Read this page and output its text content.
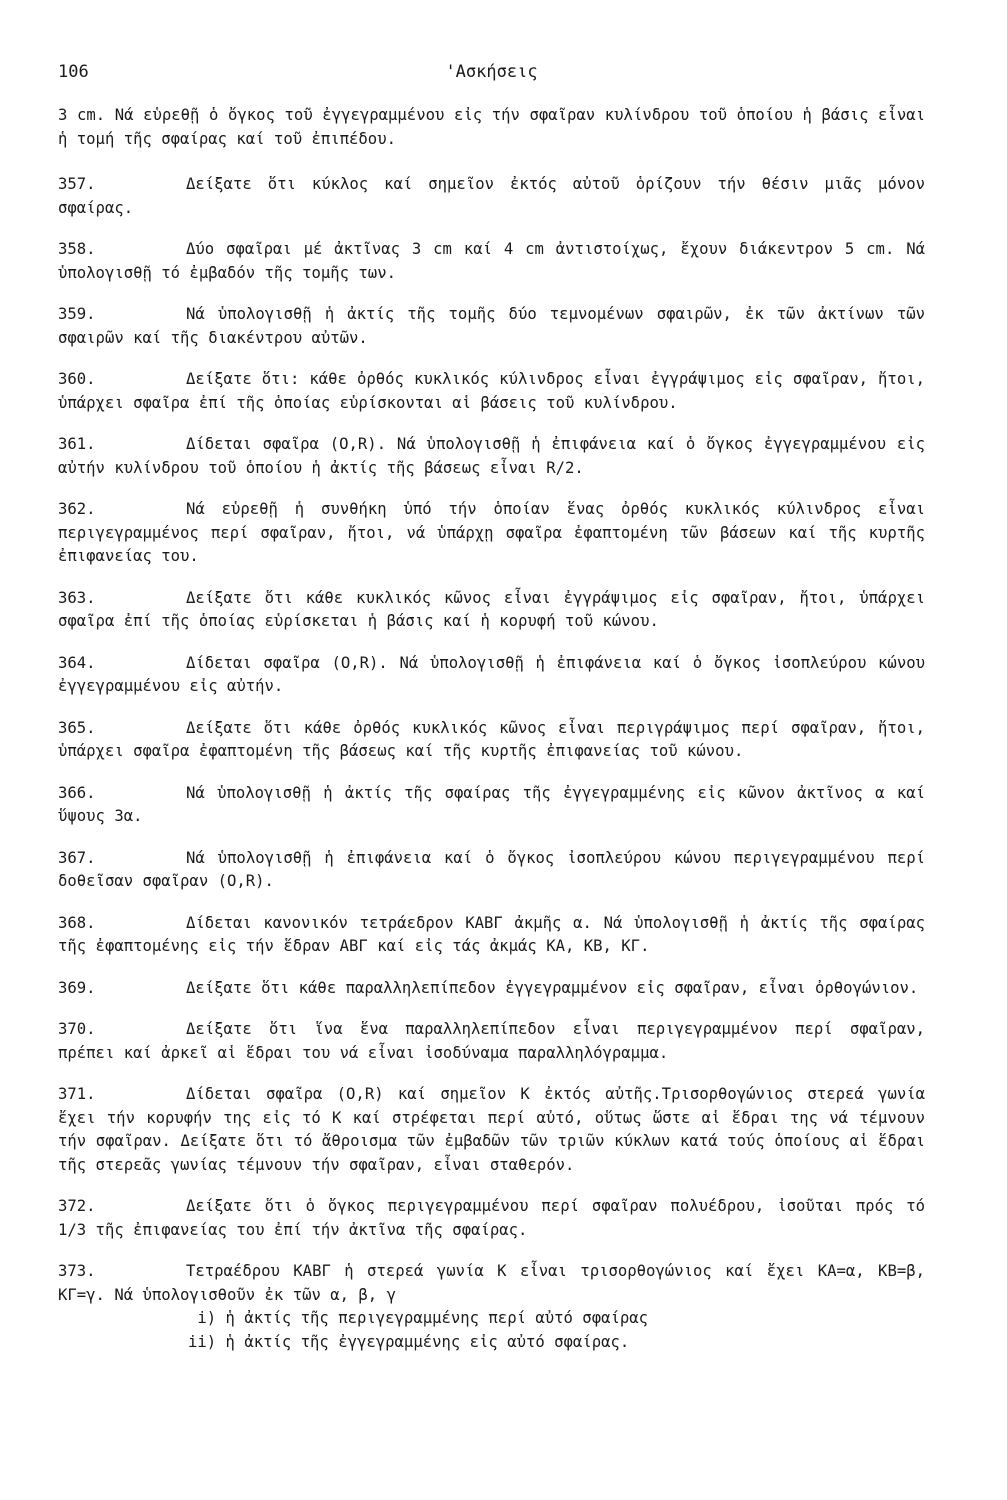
106	'Ασκήσεις

3 cm. Νά εὑρεθῇ ὁ ὄγκος τοῦ ἐγγεγραμμένου εἰς τήν σφαῖραν κυλίνδρου τοῦ ὁποίου ἡ βάσις εἶναι ἡ τομή τῆς σφαίρας καί τοῦ ἐπιπέδου.

357.	Δείξατε ὅτι κύκλος καί σημεῖον ἐκτός αὐτοῦ ὁρίζουν τήν θέσιν μιᾶς μόνον σφαίρας.

358.	Δύο σφαῖραι μέ ἀκτῖνας 3 cm καί 4 cm ἀντιστοίχως, ἔχουν διάκεντρον 5 cm. Νά ὑπολογισθῇ τό ἐμβαδόν τῆς τομῆς των.

359.	Νά ὑπολογισθῇ ἡ ἀκτίς τῆς τομῆς δύο τεμνομένων σφαιρῶν, ἐκ τῶν ἀκτίνων τῶν σφαιρῶν καί τῆς διακέντρου αὐτῶν.

360.	Δείξατε ὅτι: κάθε ὀρθός κυκλικός κύλινδρος εἶναι ἐγγράψιμος εἰς σφαῖραν, ἤτοι, ὑπάρχει σφαῖρα ἐπί τῆς ὁποίας εὑρίσκονται αἱ βάσεις τοῦ κυλίνδρου.

361.	Δίδεται σφαῖρα (O,R). Νά ὑπολογισθῇ ἡ ἐπιφάνεια καί ὁ ὄγκος ἐγγεγραμμένου εἰς αὐτήν κυλίνδρου τοῦ ὁποίου ἡ ἀκτίς τῆς βάσεως εἶναι R/2.

362.	Νά εὑρεθῇ ἡ συνθήκη ὑπό τήν ὁποίαν ἕνας ὀρθός κυκλικός κύλινδρος εἶναι περιγεγραμμένος περί σφαῖραν, ἤτοι, νά ὑπάρχῃ σφαῖρα ἐφαπτομένη τῶν βάσεων καί τῆς κυρτῆς ἐπιφανείας του.

363.	Δείξατε ὅτι κάθε κυκλικός κῶνος εἶναι ἐγγράψιμος εἰς σφαῖραν, ἤτοι, ὑπάρχει σφαῖρα ἐπί τῆς ὁποίας εὑρίσκεται ἡ βάσις καί ἡ κορυφή τοῦ κώνου.

364.	Δίδεται σφαῖρα (O,R). Νά ὑπολογισθῇ ἡ ἐπιφάνεια καί ὁ ὄγκος ἰσοπλεύρου κώνου ἐγγεγραμμένου εἰς αὐτήν.

365.	Δείξατε ὅτι κάθε ὀρθός κυκλικός κῶνος εἶναι περιγράψιμος περί σφαῖραν, ἤτοι, ὑπάρχει σφαῖρα ἐφαπτομένη τῆς βάσεως καί τῆς κυρτῆς ἐπιφανείας τοῦ κώνου.

366.	Νά ὑπολογισθῇ ἡ ἀκτίς τῆς σφαίρας τῆς ἐγγεγραμμένης εἰς κῶνον ἀκτῖνος α καί ὕψους 3α.

367.	Νά ὑπολογισθῇ ἡ ἐπιφάνεια καί ὁ ὄγκος ἰσοπλεύρου κώνου περιγεγραμμένου περί δοθεῖσαν σφαῖραν (O,R).

368.	Δίδεται κανονικόν τετράεδρον ΚΑΒΓ ἀκμῆς α. Νά ὑπολογισθῇ ἡ ἀκτίς τῆς σφαίρας τῆς ἐφαπτομένης εἰς τήν ἕδραν ΑΒΓ καί εἰς τάς ἀκμάς ΚΑ, ΚΒ, ΚΓ.

369.	Δείξατε ὅτι κάθε παραλληλεπίπεδον ἐγγεγραμμένον εἰς σφαῖραν, εἶναι ὀρθογώνιον.

370.	Δείξατε ὅτι ἵνα ἕνα παραλληλεπίπεδον εἶναι περιγεγραμμένον περί σφαῖραν, πρέπει καί ἀρκεῖ αἱ ἕδραι του νά εἶναι ἰσοδύναμα παραλληλόγραμμα.

371.	Δίδεται σφαῖρα (O,R) καί σημεῖον Κ ἐκτός αὐτῆς.Τρισορθογώνιος στερεά γωνία ἔχει τήν κορυφήν της εἰς τό Κ καί στρέφεται περί αὐτό, οὕτως ὥστε αἱ ἕδραι της νά τέμνουν τήν σφαῖραν. Δείξατε ὅτι τό ἄθροισμα τῶν ἐμβαδῶν τῶν τριῶν κύκλων κατά τούς ὁποίους αἱ ἕδραι τῆς στερεᾶς γωνίας τέμνουν τήν σφαῖραν, εἶναι σταθερόν.

372.	Δείξατε ὅτι ὁ ὄγκος περιγεγραμμένου περί σφαῖραν πολυέδρου, ἰσοῦται πρός τό 1/3 τῆς ἐπιφανείας του ἐπί τήν ἀκτῖνα τῆς σφαίρας.

373.	Τετραέδρου ΚΑΒΓ ἡ στερεά γωνία Κ εἶναι τρισορθογώνιος καί ἔχει ΚΑ=α, ΚΒ=β, ΚΓ=γ. Νά ὑπολογισθοῦν ἐκ τῶν α, β, γ

i) ἡ ἀκτίς τῆς περιγεγραμμένης περί αὐτό σφαίρας
ii) ἡ ἀκτίς τῆς ἐγγεγραμμένης εἰς αὐτό σφαίρας.
